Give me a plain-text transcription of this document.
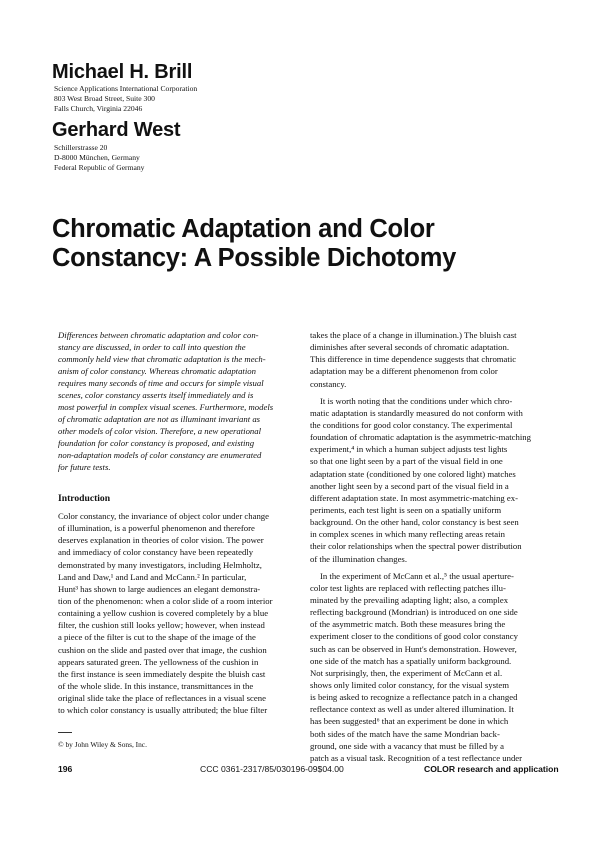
Michael H. Brill
Science Applications International Corporation
803 West Broad Street, Suite 300
Falls Church, Virginia 22046
Gerhard West
Schillerstrasse 20
D-8000 München, Germany
Federal Republic of Germany
Chromatic Adaptation and Color
Constancy: A Possible Dichotomy
Differences between chromatic adaptation and color con-
stancy are discussed, in order to call into question the
commonly held view that chromatic adaptation is the mech-
anism of color constancy. Whereas chromatic adaptation
requires many seconds of time and occurs for simple visual
scenes, color constancy asserts itself immediately and is
most powerful in complex visual scenes. Furthermore, models
of chromatic adaptation are not as illuminant invariant as
other models of color vision. Therefore, a new operational
foundation for color constancy is proposed, and existing
non-adaptation models of color constancy are enumerated
for future tests.
Introduction
Color constancy, the invariance of object color under change
of illumination, is a powerful phenomenon and therefore
deserves explanation in theories of color vision. The power
and immediacy of color constancy have been repeatedly
demonstrated by many investigators, including Helmholtz,
Land and Daw,¹ and Land and McCann.² In particular,
Hunt³ has shown to large audiences an elegant demonstra-
tion of the phenomenon: when a color slide of a room interior
containing a yellow cushion is covered completely by a blue
filter, the cushion still looks yellow; however, when instead
a piece of the filter is cut to the shape of the image of the
cushion on the slide and pasted over that image, the cushion
appears saturated green. The yellowness of the cushion in
the first instance is seen immediately despite the bluish cast
of the whole slide. In this instance, transmittances in the
original slide take the place of reflectances in a visual scene
to which color constancy is usually attributed; the blue filter
© by John Wiley & Sons, Inc.
takes the place of a change in illumination.) The bluish cast
diminishes after several seconds of chromatic adaptation.
This difference in time dependence suggests that chromatic
adaptation may be a different phenomenon from color
constancy.
It is worth noting that the conditions under which chro-
matic adaptation is standardly measured do not conform with
the conditions for good color constancy. The experimental
foundation of chromatic adaptation is the asymmetric-matching
experiment,⁴ in which a human subject adjusts test lights
so that one light seen by a part of the visual field in one
adaptation state (conditioned by one colored light) matches
another light seen by a second part of the visual field in a
different adaptation state. In most asymmetric-matching ex-
periments, each test light is seen on a spatially uniform
background. On the other hand, color constancy is best seen
in complex scenes in which many reflecting areas retain
their color relationships when the spectral power distribution
of the illumination changes.
In the experiment of McCann et al.,⁵ the usual aperture-
color test lights are replaced with reflecting patches illu-
minated by the prevailing adapting light; also, a complex
reflecting background (Mondrian) is introduced on one side
of the asymmetric match. Both these measures bring the
experiment closer to the conditions of good color constancy
such as can be observed in Hunt's demonstration. However,
one side of the match has a spatially uniform background.
Not surprisingly, then, the experiment of McCann et al.
shows only limited color constancy, for the visual system
is being asked to recognize a reflectance patch in a changed
reflectance context as well as under altered illumination. It
has been suggested⁶ that an experiment be done in which
both sides of the match have the same Mondrian back-
ground, one side with a vacancy that must be filled by a
patch as a visual task. Recognition of a test reflectance under
196	CCC 0361-2317/85/030196-09$04.00	COLOR research and application
